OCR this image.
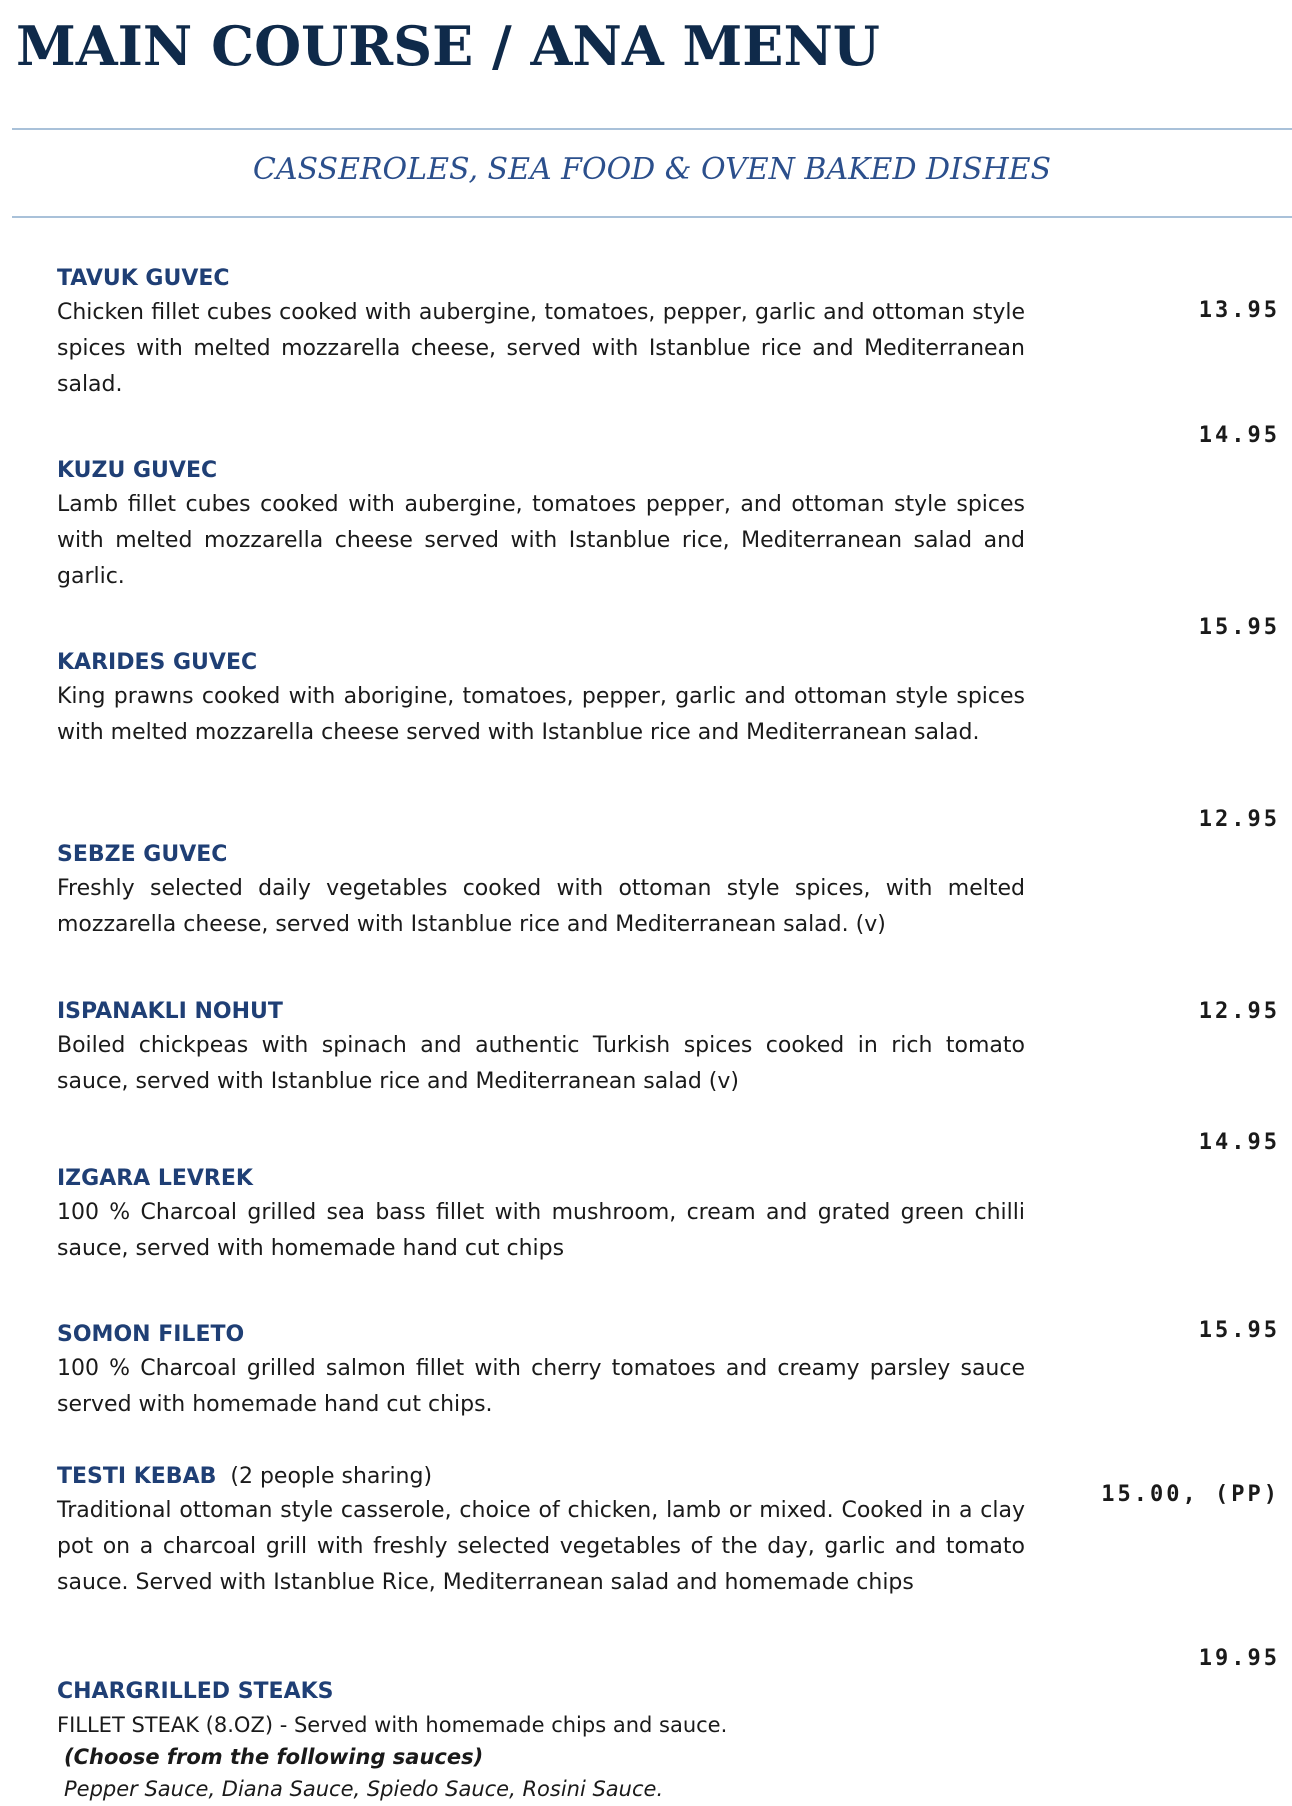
MAIN COURSE / ANA MENU
CASSEROLES, SEA FOOD & OVEN BAKED DISHES
TAVUK GUVEC
Chicken fillet cubes cooked with aubergine, tomatoes, pepper, garlic and ottoman style spices with melted mozzarella cheese, served with Istanblue rice and Mediterranean salad.
13.95
14.95
KUZU GUVEC
Lamb fillet cubes cooked with aubergine, tomatoes pepper, and ottoman style spices with melted mozzarella cheese served with Istanblue rice, Mediterranean salad and garlic.
15.95
KARIDES GUVEC
King prawns cooked with aborigine, tomatoes, pepper, garlic and ottoman style spices with melted mozzarella cheese served with Istanblue rice and Mediterranean salad.
12.95
SEBZE GUVEC
Freshly selected daily vegetables cooked with ottoman style spices, with melted mozzarella cheese, served with Istanblue rice and Mediterranean salad. (v)
ISPANAKLI NOHUT	12.95
Boiled chickpeas with spinach and authentic Turkish spices cooked in rich tomato sauce, served with Istanblue rice and Mediterranean salad (v)
14.95
IZGARA LEVREK
100 % Charcoal grilled sea bass fillet with mushroom, cream and grated green chilli sauce, served with homemade hand cut chips
SOMON FILETO	15.95
100 % Charcoal grilled salmon fillet with cherry tomatoes and creamy parsley sauce served with homemade hand cut chips.
TESTI KEBAB (2 people sharing)
15.00, (PP)
Traditional ottoman style casserole, choice of chicken, lamb or mixed. Cooked in a clay pot on a charcoal grill with freshly selected vegetables of the day, garlic and tomato sauce. Served with Istanblue Rice, Mediterranean salad and homemade chips
19.95
CHARGRILLED STEAKS
FILLET STEAK (8.OZ) - Served with homemade chips and sauce.
(Choose from the following sauces)
Pepper Sauce, Diana Sauce, Spiedo Sauce, Rosini Sauce.
